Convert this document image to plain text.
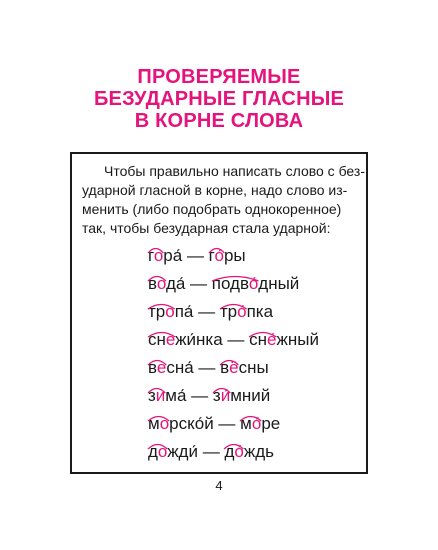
ПРОВЕРЯЕМЫЕ
БЕЗУДАРНЫЕ ГЛАСНЫЕ
В КОРНЕ СЛОВА
Чтобы правильно написать слово с без-
ударной гласной в корне, надо слово из-
менить (либо подобрать однокоренное)
так, чтобы безударная стала ударной:
гора́ — го́ры
вода́ — подво́дный
тропа́ — тро́пка
снежи́нка — сне́жный
весна́ — вёсны
зима́ — зи́мний
морско́й — мо́ре
дожди́ — до́ждь
4
